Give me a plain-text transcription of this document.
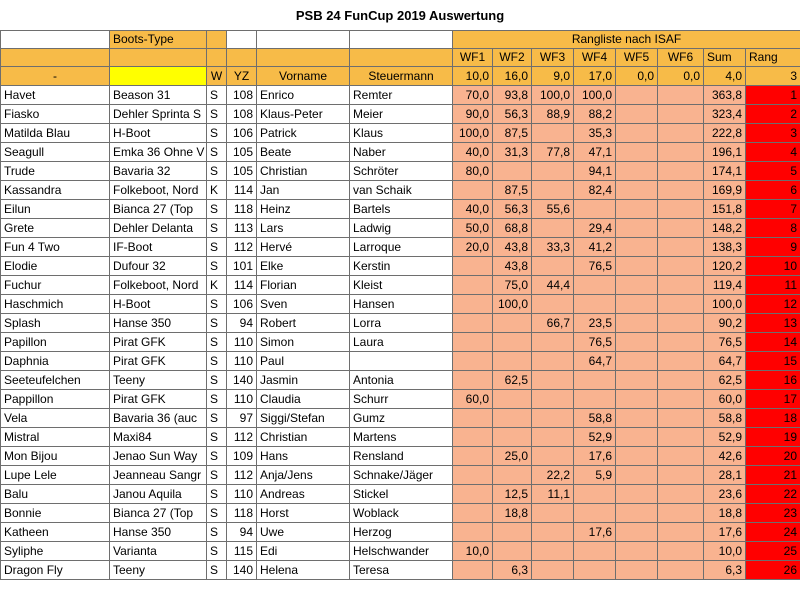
PSB 24 FunCup 2019 Auswertung
	Boots-Type					Rangliste nach ISAF							
						WF1	WF2	WF3	WF4	WF5	WF6	Sum	Rang
-		W	YZ	Vorname	Steuermann	10,0	16,0	9,0	17,0	0,0	0,0	4,0	3
Havet	Beason 31	S	108	Enrico	Remter	70,0	93,8	100,0	100,0			363,8	1
Fiasko	Dehler Sprinta S	S	108	Klaus-Peter	Meier	90,0	56,3	88,9	88,2			323,4	2
Matilda Blau	H-Boot	S	106	Patrick	Klaus	100,0	87,5		35,3			222,8	3
Seagull	Emka 36 Ohne V	S	105	Beate	Naber	40,0	31,3	77,8	47,1			196,1	4
Trude	Bavaria 32	S	105	Christian	Schröter	80,0			94,1			174,1	5
Kassandra	Folkeboot, Nord	K	114	Jan	van Schaik		87,5		82,4			169,9	6
Eilun	Bianca 27 (Top	S	118	Heinz	Bartels	40,0	56,3	55,6				151,8	7
Grete	Dehler Delanta	S	113	Lars	Ladwig	50,0	68,8		29,4			148,2	8
Fun 4 Two	IF-Boot	S	112	Hervé	Larroque	20,0	43,8	33,3	41,2			138,3	9
Elodie	Dufour 32	S	101	Elke	Kerstin		43,8		76,5			120,2	10
Fuchur	Folkeboot, Nord	K	114	Florian	Kleist		75,0	44,4				119,4	11
Haschmich	H-Boot	S	106	Sven	Hansen		100,0					100,0	12
Splash	Hanse 350	S	94	Robert	Lorra			66,7	23,5			90,2	13
Papillon	Pirat GFK	S	110	Simon	Laura				76,5			76,5	14
Daphnia	Pirat GFK	S	110	Paul					64,7			64,7	15
Seeteufelchen	Teeny	S	140	Jasmin	Antonia		62,5					62,5	16
Pappillon	Pirat GFK	S	110	Claudia	Schurr	60,0						60,0	17
Vela	Bavaria 36 (auc	S	97	Siggi/Stefan	Gumz				58,8			58,8	18
Mistral	Maxi84	S	112	Christian	Martens				52,9			52,9	19
Mon Bijou	Jenao Sun Way	S	109	Hans	Rensland		25,0		17,6			42,6	20
Lupe Lele	Jeanneau Sangr	S	112	Anja/Jens	Schnake/Jäger			22,2	5,9			28,1	21
Balu	Janou Aquila	S	110	Andreas	Stickel		12,5	11,1				23,6	22
Bonnie	Bianca 27 (Top	S	118	Horst	Woblack		18,8					18,8	23
Katheen	Hanse 350	S	94	Uwe	Herzog				17,6			17,6	24
Syliphe	Varianta	S	115	Edi	Helschwander	10,0						10,0	25
Dragon Fly	Teeny	S	140	Helena	Teresa		6,3					6,3	26
